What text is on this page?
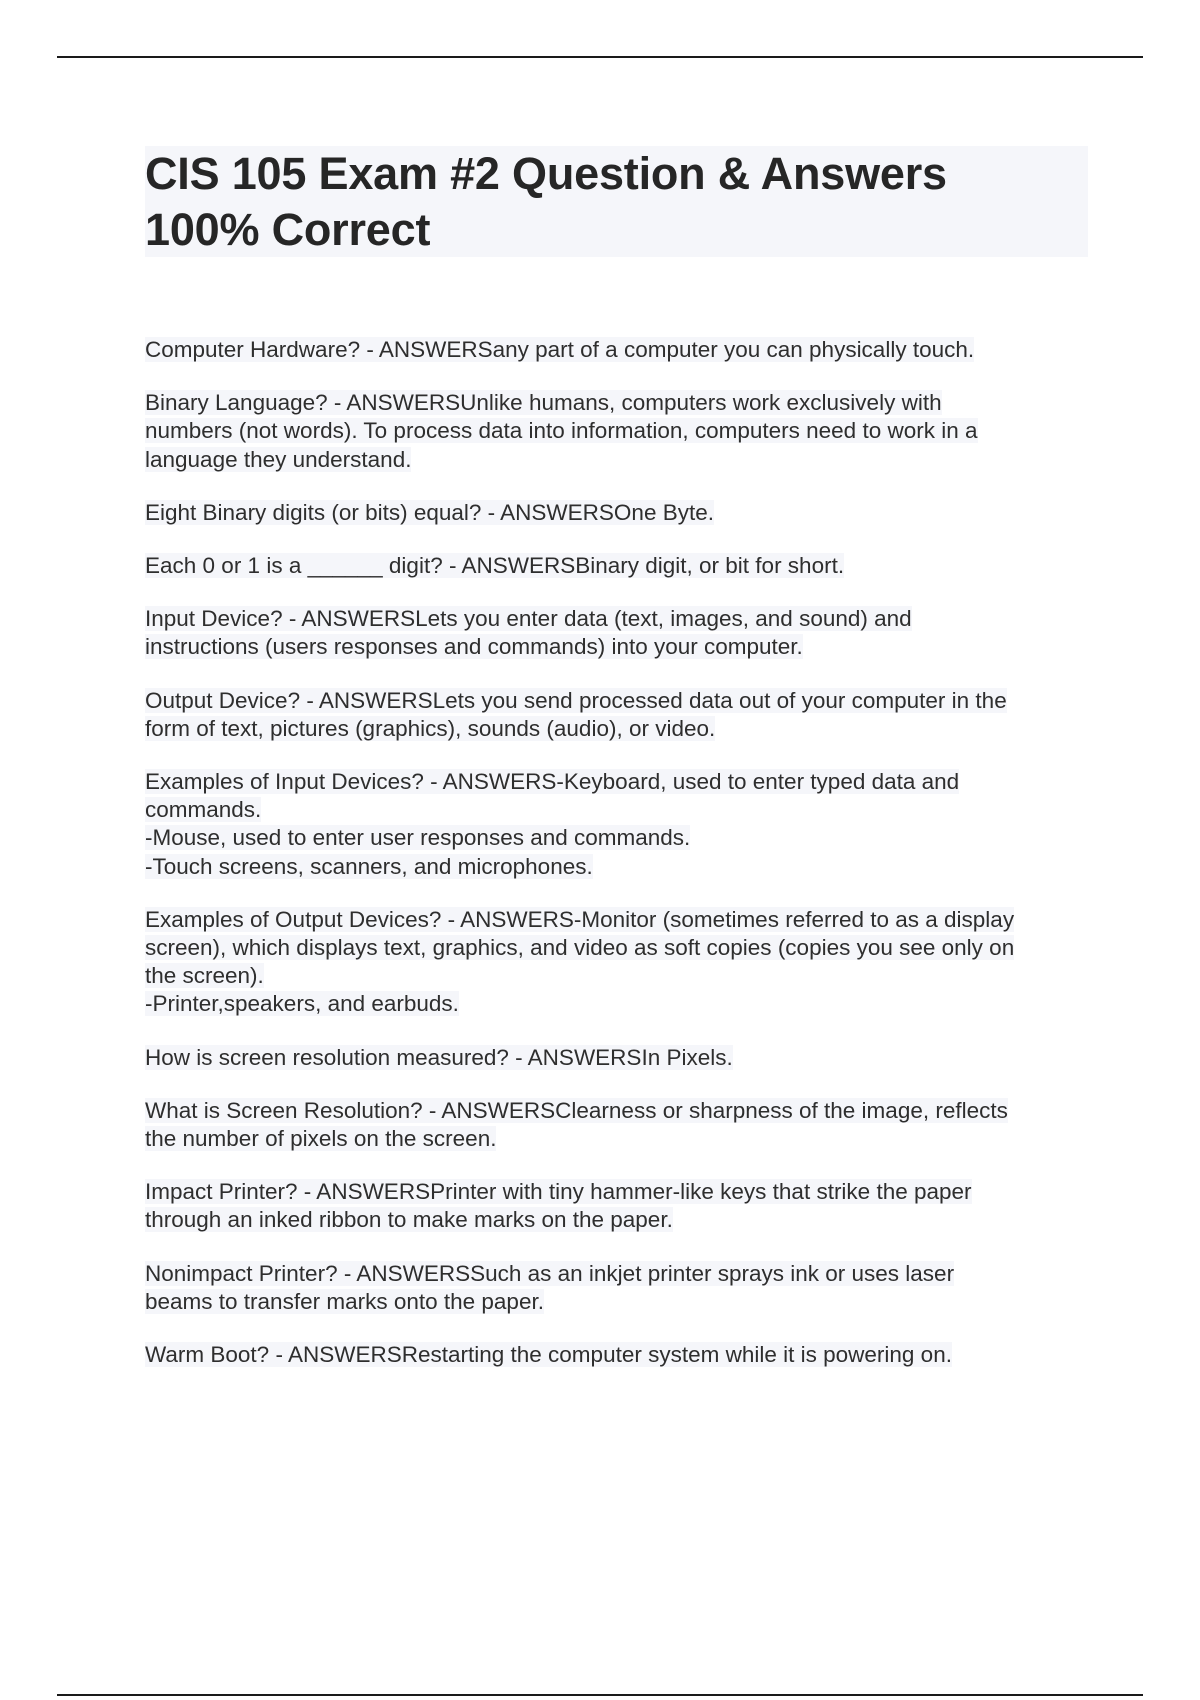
CIS 105 Exam #2 Question & Answers
100% Correct
Computer Hardware? - ANSWERSany part of a computer you can physically touch.
Binary Language? - ANSWERSUnlike humans, computers work exclusively with
numbers (not words). To process data into information, computers need to work in a
language they understand.
Eight Binary digits (or bits) equal? - ANSWERSOne Byte.
Each 0 or 1 is a ______ digit? - ANSWERSBinary digit, or bit for short.
Input Device? - ANSWERSLets you enter data (text, images, and sound) and
instructions (users responses and commands) into your computer.
Output Device? - ANSWERSLets you send processed data out of your computer in the
form of text, pictures (graphics), sounds (audio), or video.
Examples of Input Devices? - ANSWERS-Keyboard, used to enter typed data and
commands.
-Mouse, used to enter user responses and commands.
-Touch screens, scanners, and microphones.
Examples of Output Devices? - ANSWERS-Monitor (sometimes referred to as a display
screen), which displays text, graphics, and video as soft copies (copies you see only on
the screen).
-Printer,speakers, and earbuds.
How is screen resolution measured? - ANSWERSIn Pixels.
What is Screen Resolution? - ANSWERSClearness or sharpness of the image, reflects
the number of pixels on the screen.
Impact Printer? - ANSWERSPrinter with tiny hammer-like keys that strike the paper
through an inked ribbon to make marks on the paper.
Nonimpact Printer? - ANSWERSSuch as an inkjet printer sprays ink or uses laser
beams to transfer marks onto the paper.
Warm Boot? - ANSWERSRestarting the computer system while it is powering on.
